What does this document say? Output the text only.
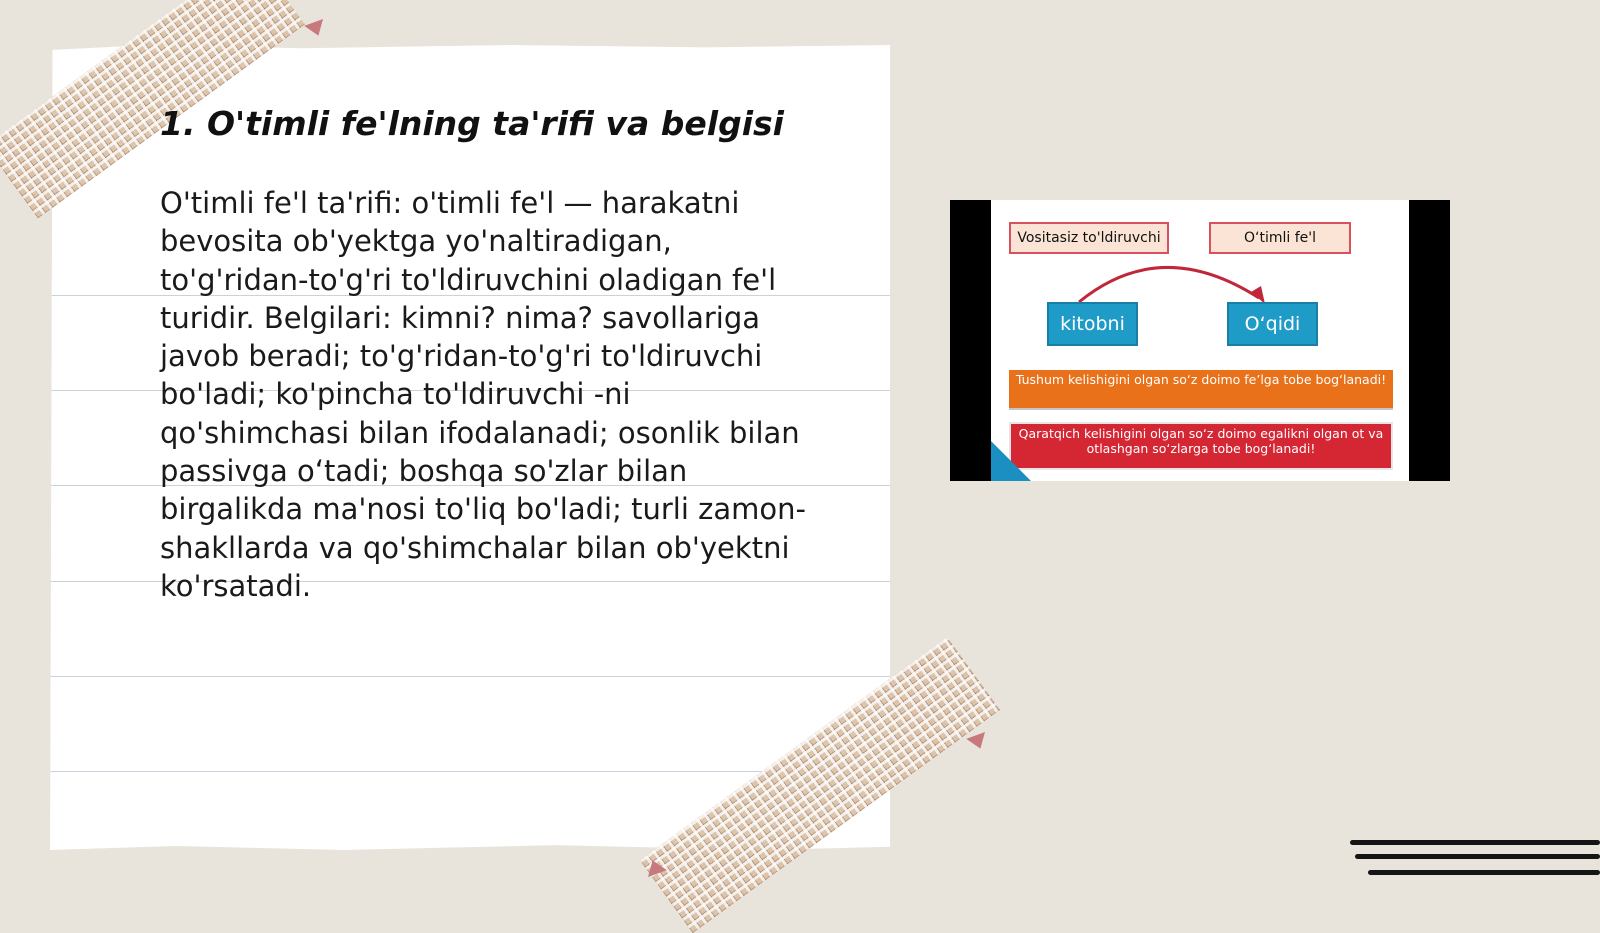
1. O'timli fe'lning ta'rifi va belgisi
O'timli fe'l ta'rifi: o'timli fe'l — harakatni
bevosita ob'yektga yo'naltiradigan,
to'g'ridan-to'g'ri to'ldiruvchini oladigan fe'l
turidir. Belgilari: kimni? nima? savollariga
javob beradi; to'g'ridan-to'g'ri to'ldiruvchi
bo'ladi; ko'pincha to'ldiruvchi -ni
qo'shimchasi bilan ifodalanadi; osonlik bilan
passivga o‘tadi; boshqa so'zlar bilan
birgalikda ma'nosi to'liq bo'ladi; turli zamon-
shakllarda va qo'shimchalar bilan ob'yektni
ko'rsatadi.
Vositasiz to'ldiruvchi	O‘timli fe'l
kitobni	O‘qidi
Tushum kelishigini olgan so‘z doimo fe’lga tobe bog‘lanadi!
Qaratqich kelishigini olgan so‘z doimo egalikni olgan ot va otlashgan so‘zlarga tobe bog‘lanadi!
